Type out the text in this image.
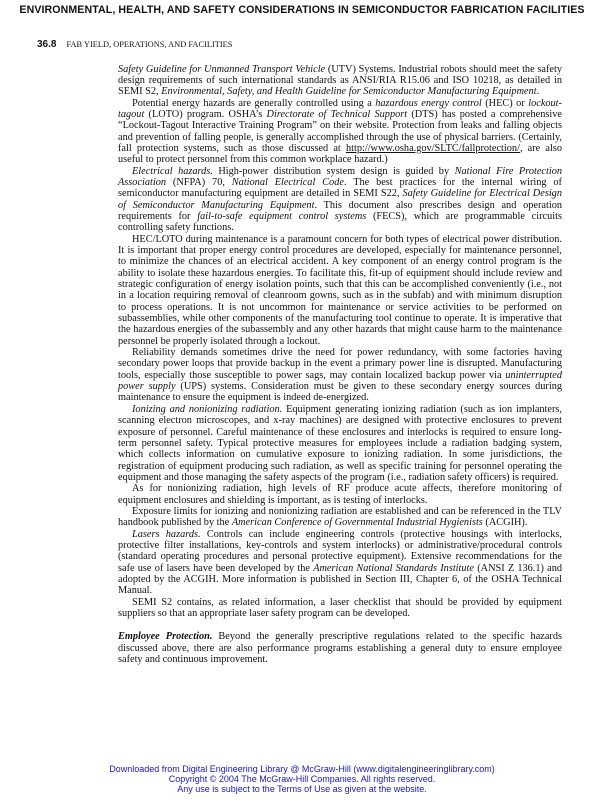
ENVIRONMENTAL, HEALTH, AND SAFETY CONSIDERATIONS IN SEMICONDUCTOR FABRICATION FACILITIES
36.8 FAB YIELD, OPERATIONS, AND FACILITIES

Safety Guideline for Unmanned Transport Vehicle (UTV) Systems. Industrial robots should meet the safety design requirements of such international standards as ANSI/RIA R15.06 and ISO 10218, as detailed in SEMI S2, Environmental, Safety, and Health Guideline for Semiconductor Manufacturing Equipment.

Potential energy hazards are generally controlled using a hazardous energy control (HEC) or lockout-tagout (LOTO) program. OSHA’s Directorate of Technical Support (DTS) has posted a comprehensive “Lockout-Tagout Interactive Training Program” on their website. Protection from leaks and falling objects and prevention of falling people, is generally accomplished through the use of physical barriers. (Certainly, fall protection systems, such as those discussed at http://www.osha.gov/SLTC/fallprotection/, are also useful to protect personnel from this common workplace hazard.)

Electrical hazards. High-power distribution system design is guided by National Fire Protection Association (NFPA) 70, National Electrical Code. The best practices for the internal wiring of semiconductor manufacturing equipment are detailed in SEMI S22, Safety Guideline for Electrical Design of Semiconductor Manufacturing Equipment. This document also prescribes design and operation requirements for fail-to-safe equipment control systems (FECS), which are programmable circuits controlling safety functions.

HEC/LOTO during maintenance is a paramount concern for both types of electrical power distribution. It is important that proper energy control procedures are developed, especially for maintenance personnel, to minimize the chances of an electrical accident. A key component of an energy control program is the ability to isolate these hazardous energies. To facilitate this, fit-up of equipment should include review and strategic configuration of energy isolation points, such that this can be accomplished conveniently (i.e., not in a location requiring removal of cleanroom gowns, such as in the subfab) and with minimum disruption to process operations. It is not uncommon for maintenance or service activities to be performed on subassemblies, while other components of the manufacturing tool continue to operate. It is imperative that the hazardous energies of the subassembly and any other hazards that might cause harm to the maintenance personnel be properly isolated through a lockout.

Reliability demands sometimes drive the need for power redundancy, with some factories having secondary power loops that provide backup in the event a primary power line is disrupted. Manufacturing tools, especially those susceptible to power sags, may contain localized backup power via uninterrupted power supply (UPS) systems. Consideration must be given to these secondary energy sources during maintenance to ensure the equipment is indeed de-energized.

Ionizing and nonionizing radiation. Equipment generating ionizing radiation (such as ion implanters, scanning electron microscopes, and x-ray machines) are designed with protective enclosures to prevent exposure of personnel. Careful maintenance of these enclosures and interlocks is required to ensure long-term personnel safety. Typical protective measures for employees include a radiation badging system, which collects information on cumulative exposure to ionizing radiation. In some jurisdictions, the registration of equipment producing such radiation, as well as specific training for personnel operating the equipment and those managing the safety aspects of the program (i.e., radiation safety officers) is required.

As for nonionizing radiation, high levels of RF produce acute affects, therefore monitoring of equipment enclosures and shielding is important, as is testing of interlocks.

Exposure limits for ionizing and nonionizing radiation are established and can be referenced in the TLV handbook published by the American Conference of Governmental Industrial Hygienists (ACGIH).

Lasers hazards. Controls can include engineering controls (protective housings with interlocks, protective filter installations, key-controls and system interlocks) or administrative/procedural controls (standard operating procedures and personal protective equipment). Extensive recommendations for the safe use of lasers have been developed by the American National Standards Institute (ANSI Z 136.1) and adopted by the ACGIH. More information is published in Section III, Chapter 6, of the OSHA Technical Manual.

SEMI S2 contains, as related information, a laser checklist that should be provided by equipment suppliers so that an appropriate laser safety program can be developed.

Employee Protection. Beyond the generally prescriptive regulations related to the specific hazards discussed above, there are also performance programs establishing a general duty to ensure employee safety and continuous improvement.

Downloaded from Digital Engineering Library @ McGraw-Hill (www.digitalengineeringlibrary.com)
Copyright © 2004 The McGraw-Hill Companies. All rights reserved.
Any use is subject to the Terms of Use as given at the website.
